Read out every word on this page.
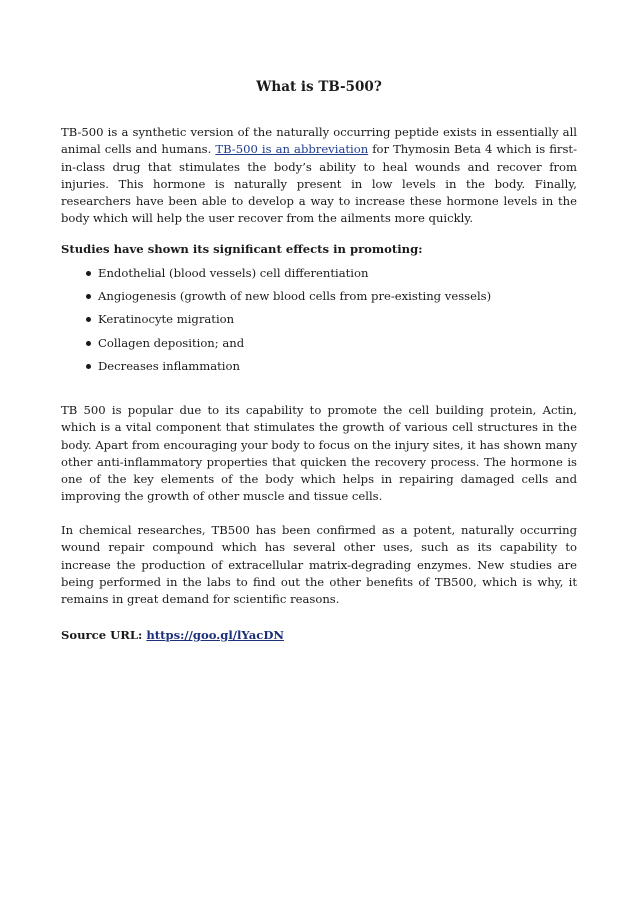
What is TB-500?

TB-500 is a synthetic version of the naturally occurring peptide exists in essentially all animal cells and humans. TB-500 is an abbreviation for Thymosin Beta 4 which is first-in-class drug that stimulates the body’s ability to heal wounds and recover from injuries. This hormone is naturally present in low levels in the body. Finally, researchers have been able to develop a way to increase these hormone levels in the body which will help the user recover from the ailments more quickly.

Studies have shown its significant effects in promoting:

Endothelial (blood vessels) cell differentiation
Angiogenesis (growth of new blood cells from pre-existing vessels)
Keratinocyte migration
Collagen deposition; and
Decreases inflammation

TB 500 is popular due to its capability to promote the cell building protein, Actin, which is a vital component that stimulates the growth of various cell structures in the body. Apart from encouraging your body to focus on the injury sites, it has shown many other anti-inflammatory properties that quicken the recovery process. The hormone is one of the key elements of the body which helps in repairing damaged cells and improving the growth of other muscle and tissue cells.

In chemical researches, TB500 has been confirmed as a potent, naturally occurring wound repair compound which has several other uses, such as its capability to increase the production of extracellular matrix-degrading enzymes. New studies are being performed in the labs to find out the other benefits of TB500, which is why, it remains in great demand for scientific reasons.

Source URL: https://goo.gl/lYacDN
